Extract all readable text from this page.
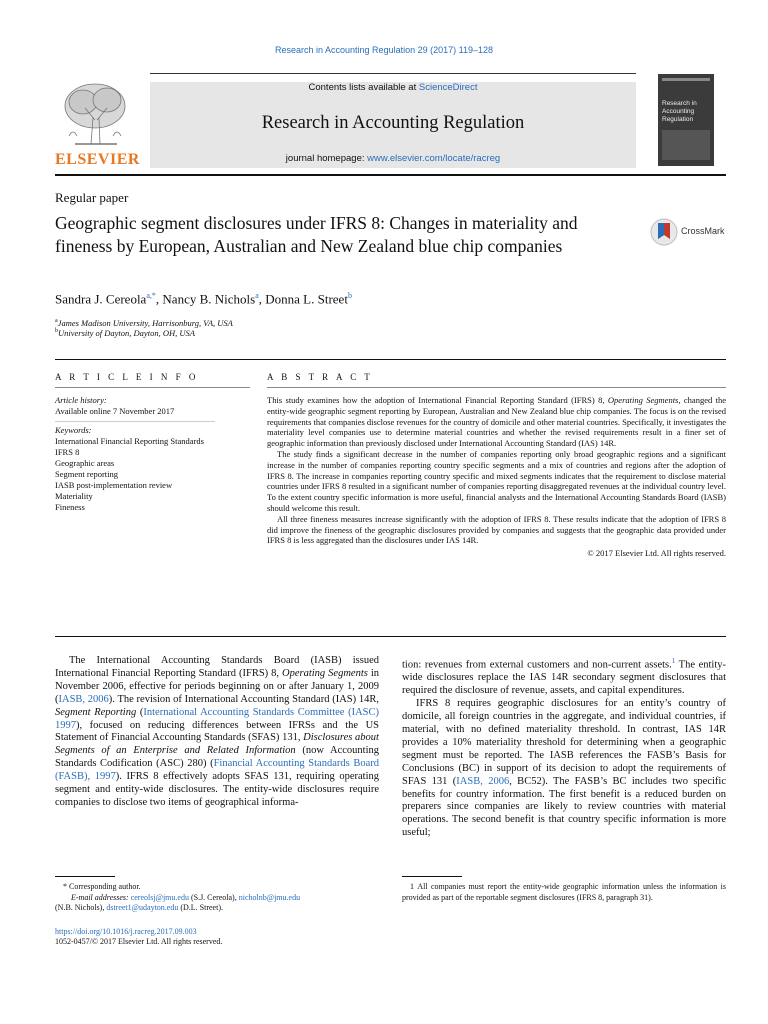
Research in Accounting Regulation 29 (2017) 119–128
ELSEVIER
Contents lists available at ScienceDirect
Research in Accounting Regulation
journal homepage: www.elsevier.com/locate/racreg
Research in Accounting Regulation
Regular paper
Geographic segment disclosures under IFRS 8: Changes in materiality and fineness by European, Australian and New Zealand blue chip companies
CrossMark
Sandra J. Cereola$^{a,*}$, Nancy B. Nichols$^a$, Donna L. Street$^b$
$^a$James Madison University, Harrisonburg, VA, USA
$^b$University of Dayton, Dayton, OH, USA
A R T I C L E I N F O	A B S T R A C T
Article history:
Available online 7 November 2017
Keywords:
International Financial Reporting Standards
IFRS 8
Geographic areas
Segment reporting
IASB post-implementation review
Materiality
Fineness

This study examines how the adoption of International Financial Reporting Standard (IFRS) 8, Operating Segments, changed the entity-wide geographic segment reporting by European, Australian and New Zealand blue chip companies. The focus is on the revised requirements that companies disclose revenues for the country of domicile and other material countries. Specifically, it investigates the materiality level companies use to determine material countries and whether the revised requirements result in a finer set of geographic information than previously disclosed under International Accounting Standard (IAS) 14R.

The study finds a significant decrease in the number of companies reporting only broad geographic regions and a significant increase in the number of companies reporting country specific segments and a mix of countries and regions after the adoption of IFRS 8. The increase in companies reporting country specific and mixed segments indicates that the requirement to disclose material countries under IFRS 8 resulted in a significant number of companies reporting disaggregated revenues at the individual country level. To the extent country specific information is more useful, financial analysts and the International Accounting Standards Board (IASB) should welcome this result.

All three fineness measures increase significantly with the adoption of IFRS 8. These results indicate that the adoption of IFRS 8 did improve the fineness of the geographic disclosures provided by companies and suggests that the geographic data provided under IFRS 8 is less aggregated than the disclosures under IAS 14R.

© 2017 Elsevier Ltd. All rights reserved.

The International Accounting Standards Board (IASB) issued International Financial Reporting Standard (IFRS) 8, Operating Segments in November 2006, effective for periods beginning on or after January 1, 2009 (IASB, 2006). The revision of International Accounting Standard (IAS) 14R, Segment Reporting (International Accounting Standards Committee (IASC) 1997), focused on reducing differences between IFRSs and the US Statement of Financial Accounting Standards (SFAS) 131, Disclosures about Segments of an Enterprise and Related Information (now Accounting Standards Codification (ASC) 280) (Financial Accounting Standards Board (FASB), 1997). IFRS 8 effectively adopts SFAS 131, requiring operating segment and entity-wide disclosures. The entity-wide disclosures require companies to disclose two items of geographical informa-

tion: revenues from external customers and non-current assets.$^1$ The entity-wide disclosures replace the IAS 14R secondary segment disclosures that required the disclosure of revenue, assets, and capital expenditures.

IFRS 8 requires geographic disclosures for an entity’s country of domicile, all foreign countries in the aggregate, and individual countries, if material, with no defined materiality threshold. In contrast, IAS 14R provides a 10% materiality threshold for determining when a geographic segment must be reported. The IASB references the FASB’s Basis for Conclusions (BC) in support of its decision to adopt the requirements of SFAS 131 (IASB, 2006, BC52). The FASB’s BC includes two specific benefits for country information. The first benefit is a reduced burden on preparers since companies are likely to review countries with material operations. The second benefit is that country specific information is more useful;

* Corresponding author.
E-mail addresses: cereolsj@jmu.edu (S.J. Cereola), nicholnb@jmu.edu
(N.B. Nichols), dstreet1@udayton.edu (D.L. Street).
https://doi.org/10.1016/j.racreg.2017.09.003
1052-0457/© 2017 Elsevier Ltd. All rights reserved.
1 All companies must report the entity-wide geographic information unless the information is provided as part of the reportable segment disclosures (IFRS 8, paragraph 31).
